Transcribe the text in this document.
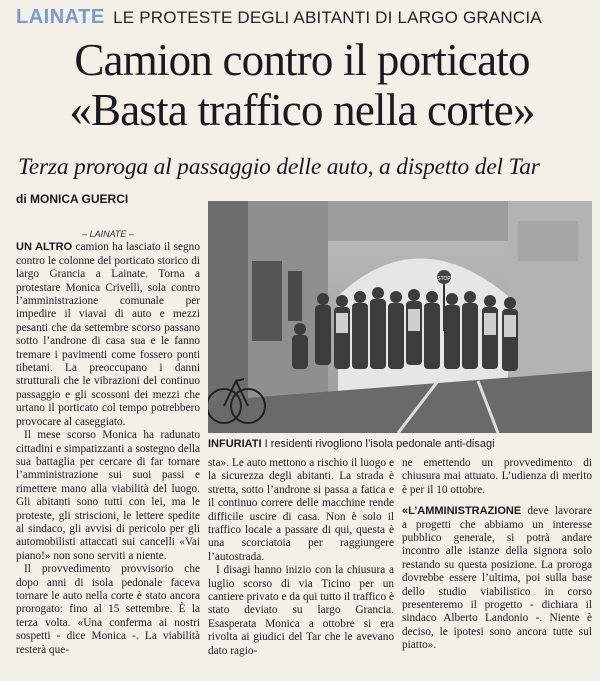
LAINATE LE PROTESTE DEGLI ABITANTI DI LARGO GRANCIA
Camion contro il porticato
«Basta traffico nella corte»
Terza proroga al passaggio delle auto, a dispetto del Tar
di MONICA GUERCI
– LAINATE –

UN ALTRO camion ha lasciato il segno contro le colonne del porticato storico di largo Grancia a Lainate. Torna a protestare Monica Crivelli, sola contro l’amministrazione comunale per impedire il viavai di auto e mezzi pesanti che da settembre scorso passano sotto l’androne di casa sua e le fanno tremare i pavimenti come fossero ponti tibetani. La preoccupano i danni strutturali che le vibrazioni del continuo passaggio e gli scossoni dei mezzi che urtano il porticato col tempo potrebbero provocare al caseggiato.

Il mese scorso Monica ha radunato cittadini e simpatizzanti a sostegno della sua battaglia per cercare di far tornare l’amministrazione sui suoi passi e rimettere mano alla viabilità del luogo. Gli abitanti sono tutti con lei, ma le proteste, gli striscioni, le lettere spedite al sindaco, gli avvisi di pericolo per gli automobilisti attaccati sui cancelli «Vai piano!» non sono serviti a niente.

Il provvedimento provvisorio che dopo anni di isola pedonale faceva tornare le auto nella corte è stato ancora prorogato: fino al 15 settembre. È la terza volta. «Una conferma ai nostri sospetti - dice Monica -. La viabilità resterà que-

STOP
INFURIATI I residenti rivogliono l’isola pedonale anti-disagi

sta». Le auto mettono a rischio il luogo e la sicurezza degli abitanti. La strada è stretta, sotto l’androne si passa a fatica e il continuo correre delle macchine rende difficile uscire di casa. Non è solo il traffico locale a passare di qui, questa è una scorciatoia per raggiungere l’autostrada.

I disagi hanno inizio con la chiusura a luglio scorso di via Ticino per un cantiere privato e da qui tutto il traffico è stato deviato su largo Grancia. Esasperata Monica a ottobre si era rivolta ai giudici del Tar che le avevano dato ragio-

ne emettendo un provvedimento di chiusura mai attuato. L’udienza di merito è per il 10 ottobre.

«L’AMMINISTRAZIONE deve lavorare a progetti che abbiamo un interesse pubblico generale, si potrà andare incontro alle istanze della signora solo restando su questa posizione. La proroga dovrebbe essere l’ultima, poi sulla base dello studio viabilistico in corso presenteremo il progetto - dichiara il sindaco Alberto Landonio -. Niente è deciso, le ipotesi sono ancora tutte sul piatto».
